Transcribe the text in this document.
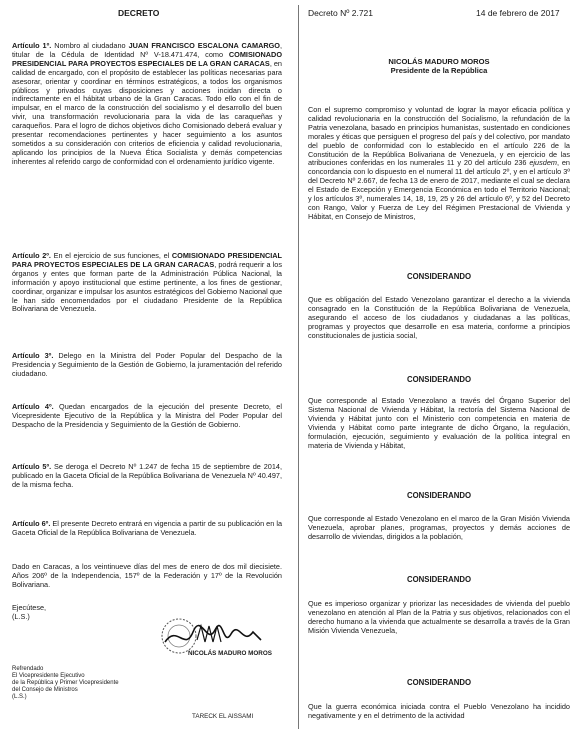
DECRETO

Artículo 1º. Nombro al ciudadano JUAN FRANCISCO ESCALONA CAMARGO, titular de la Cédula de Identidad Nº V-18.471.474, como COMISIONADO PRESIDENCIAL PARA PROYECTOS ESPECIALES DE LA GRAN CARACAS, en calidad de encargado, con el propósito de establecer las políticas necesarias para asesorar, orientar y coordinar en términos estratégicos, a todos los organismos públicos y privados cuyas disposiciones y acciones incidan directa o indirectamente en el hábitat urbano de la Gran Caracas. Todo ello con el fin de impulsar, en el marco de la construcción del socialismo y el desarrollo del buen vivir, una transformación revolucionaria para la vida de las caraqueñas y caraqueños. Para el logro de dichos objetivos dicho Comisionado deberá evaluar y presentar recomendaciones pertinentes y hacer seguimiento a los asuntos sometidos a su consideración con criterios de eficiencia y calidad revolucionaria, aplicando los principios de la Nueva Ética Socialista y demás competencias inherentes al referido cargo de conformidad con el ordenamiento jurídico vigente.

Artículo 2º. En el ejercicio de sus funciones, el COMISIONADO PRESIDENCIAL PARA PROYECTOS ESPECIALES DE LA GRAN CARACAS, podrá requerir a los órganos y entes que forman parte de la Administración Pública Nacional, la información y apoyo institucional que estime pertinente, a los fines de gestionar, coordinar, organizar e impulsar los asuntos estratégicos del Gobierno Nacional que le han sido encomendados por el ciudadano Presidente de la República Bolivariana de Venezuela.

Artículo 3º. Delego en la Ministra del Poder Popular del Despacho de la Presidencia y Seguimiento de la Gestión de Gobierno, la juramentación del referido ciudadano.

Artículo 4º. Quedan encargados de la ejecución del presente Decreto, el Vicepresidente Ejecutivo de la República y la Ministra del Poder Popular del Despacho de la Presidencia y Seguimiento de la Gestión de Gobierno.

Artículo 5º. Se deroga el Decreto Nº 1.247 de fecha 15 de septiembre de 2014, publicado en la Gaceta Oficial de la República Bolivariana de Venezuela Nº 40.497, de la misma fecha.

Artículo 6º. El presente Decreto entrará en vigencia a partir de su publicación en la Gaceta Oficial de la República Bolivariana de Venezuela.

Dado en Caracas, a los veintinueve días del mes de enero de dos mil diecisiete. Años 206º de la Independencia, 157º de la Federación y 17º de la Revolución Bolivariana.

Ejecútese,

(L.S.)

NICOLÁS MADURO MOROS
Refrendado
El Vicepresidente Ejecutivo
de la República y Primer Vicepresidente
del Consejo de Ministros
(L.S.)
TARECK EL AISSAMI
Decreto Nº 2.721	14 de febrero de 2017

NICOLÁS MADURO MOROS

Presidente de la República

Con el supremo compromiso y voluntad de lograr la mayor eficacia política y calidad revolucionaria en la construcción del Socialismo, la refundación de la Patria venezolana, basado en principios humanistas, sustentado en condiciones morales y éticas que persiguen el progreso del país y del colectivo, por mandato del pueblo de conformidad con lo establecido en el artículo 226 de la Constitución de la República Bolivariana de Venezuela, y en ejercicio de las atribuciones conferidas en los numerales 11 y 20 del artículo 236 ejusdem, en concordancia con lo dispuesto en el numeral 11 del artículo 2º, y en el artículo 3º del Decreto Nº 2.667, de fecha 13 de enero de 2017, mediante el cual se declara el Estado de Excepción y Emergencia Económica en todo el Territorio Nacional; y los artículos 3º, numerales 14, 18, 19, 25 y 26 del artículo 6º, y 52 del Decreto con Rango, Valor y Fuerza de Ley del Régimen Prestacional de Vivienda y Hábitat, en Consejo de Ministros,

CONSIDERANDO

Que es obligación del Estado Venezolano garantizar el derecho a la vivienda consagrado en la Constitución de la República Bolivariana de Venezuela, asegurando el acceso de los ciudadanos y ciudadanas a las políticas, programas y proyectos que desarrolle en esa materia, conforme a principios constitucionales de justicia social,

CONSIDERANDO

Que corresponde al Estado Venezolano a través del Órgano Superior del Sistema Nacional de Vivienda y Hábitat, la rectoría del Sistema Nacional de Vivienda y Hábitat junto con el Ministerio con competencia en materia de Vivienda y Hábitat como parte integrante de dicho Órgano, la regulación, formulación, ejecución, seguimiento y evaluación de la política integral en materia de Vivienda y Hábitat,

CONSIDERANDO

Que corresponde al Estado Venezolano en el marco de la Gran Misión Vivienda Venezuela, aprobar planes, programas, proyectos y demás acciones de desarrollo de viviendas, dirigidos a la población,

CONSIDERANDO

Que es imperioso organizar y priorizar las necesidades de vivienda del pueblo venezolano en atención al Plan de la Patria y sus objetivos, relacionados con el derecho humano a la vivienda que actualmente se desarrolla a través de la Gran Misión Vivienda Venezuela,

CONSIDERANDO

Que la guerra económica iniciada contra el Pueblo Venezolano ha incidido negativamente y en el detrimento de la actividad
